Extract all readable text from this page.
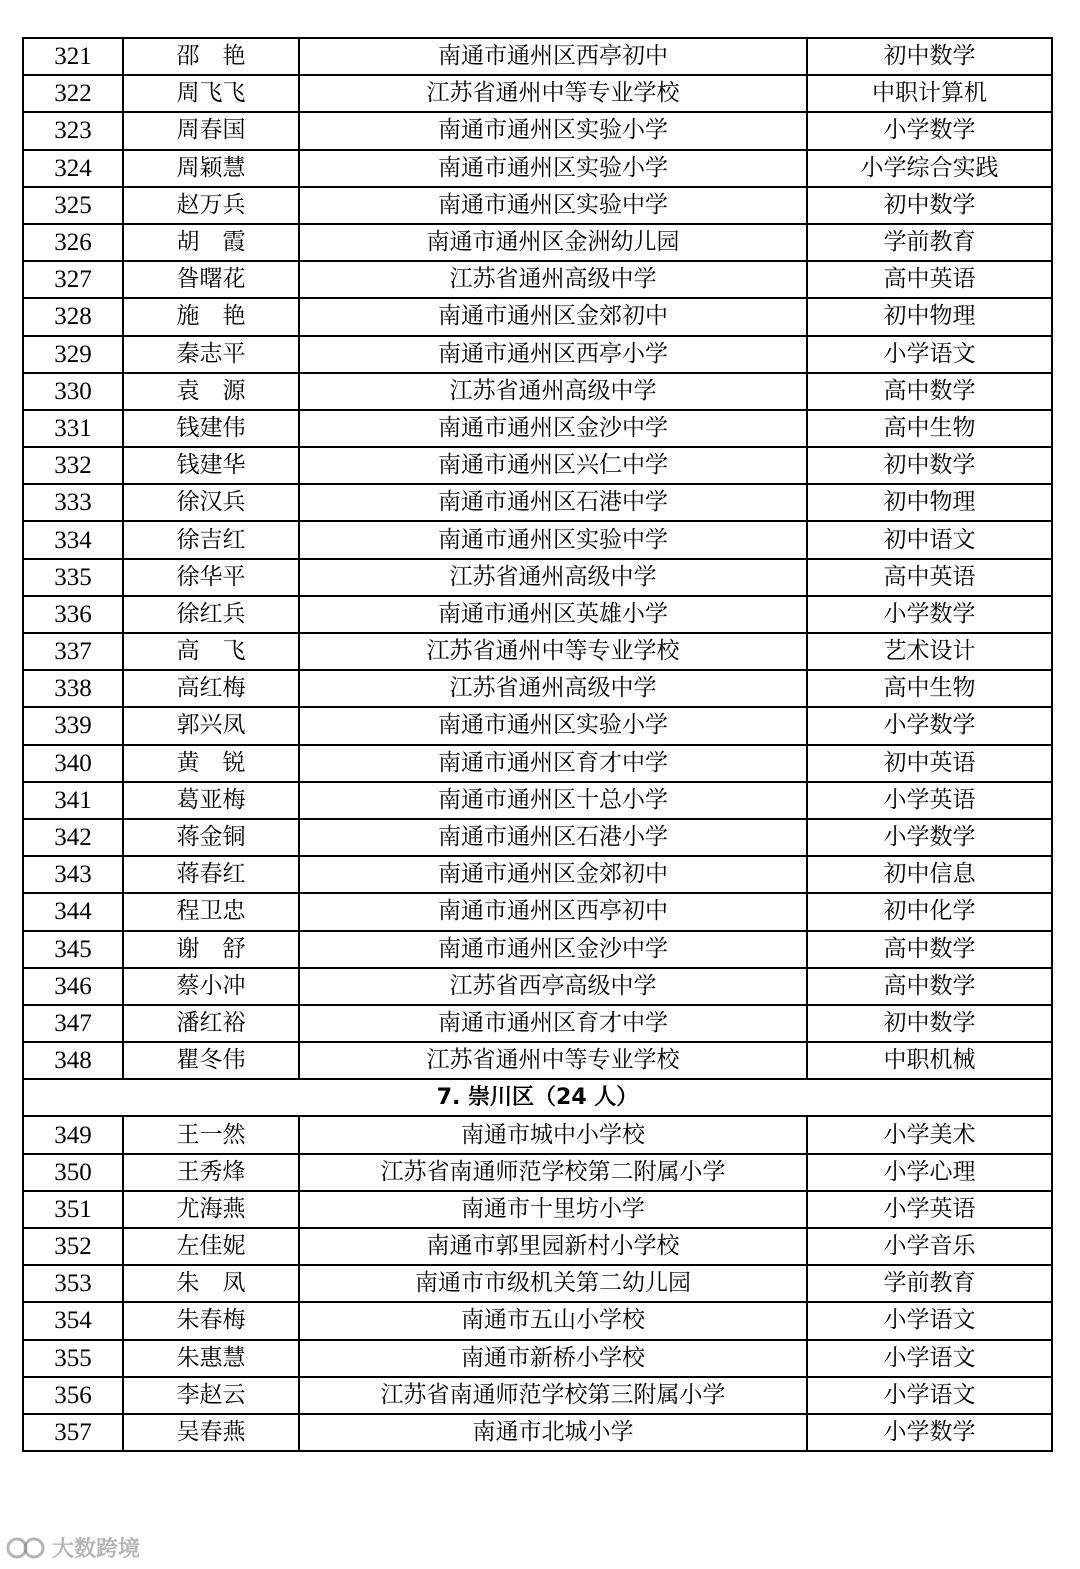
321	邵　艳	南通市通州区西亭初中	初中数学
322	周飞飞	江苏省通州中等专业学校	中职计算机
323	周春国	南通市通州区实验小学	小学数学
324	周颖慧	南通市通州区实验小学	小学综合实践
325	赵万兵	南通市通州区实验中学	初中数学
326	胡　霞	南通市通州区金洲幼儿园	学前教育
327	昝曙花	江苏省通州高级中学	高中英语
328	施　艳	南通市通州区金郊初中	初中物理
329	秦志平	南通市通州区西亭小学	小学语文
330	袁　源	江苏省通州高级中学	高中数学
331	钱建伟	南通市通州区金沙中学	高中生物
332	钱建华	南通市通州区兴仁中学	初中数学
333	徐汉兵	南通市通州区石港中学	初中物理
334	徐吉红	南通市通州区实验中学	初中语文
335	徐华平	江苏省通州高级中学	高中英语
336	徐红兵	南通市通州区英雄小学	小学数学
337	高　飞	江苏省通州中等专业学校	艺术设计
338	高红梅	江苏省通州高级中学	高中生物
339	郭兴凤	南通市通州区实验小学	小学数学
340	黄　锐	南通市通州区育才中学	初中英语
341	葛亚梅	南通市通州区十总小学	小学英语
342	蒋金铜	南通市通州区石港小学	小学数学
343	蒋春红	南通市通州区金郊初中	初中信息
344	程卫忠	南通市通州区西亭初中	初中化学
345	谢　舒	南通市通州区金沙中学	高中数学
346	蔡小冲	江苏省西亭高级中学	高中数学
347	潘红裕	南通市通州区育才中学	初中数学
348	瞿冬伟	江苏省通州中等专业学校	中职机械
7. 崇川区（24 人）			
349	王一然	南通市城中小学校	小学美术
350	王秀烽	江苏省南通师范学校第二附属小学	小学心理
351	尤海燕	南通市十里坊小学	小学英语
352	左佳妮	南通市郭里园新村小学校	小学音乐
353	朱　凤	南通市市级机关第二幼儿园	学前教育
354	朱春梅	南通市五山小学校	小学语文
355	朱惠慧	南通市新桥小学校	小学语文
356	李赵云	江苏省南通师范学校第三附属小学	小学语文
357	吴春燕	南通市北城小学	小学数学
大数跨境
